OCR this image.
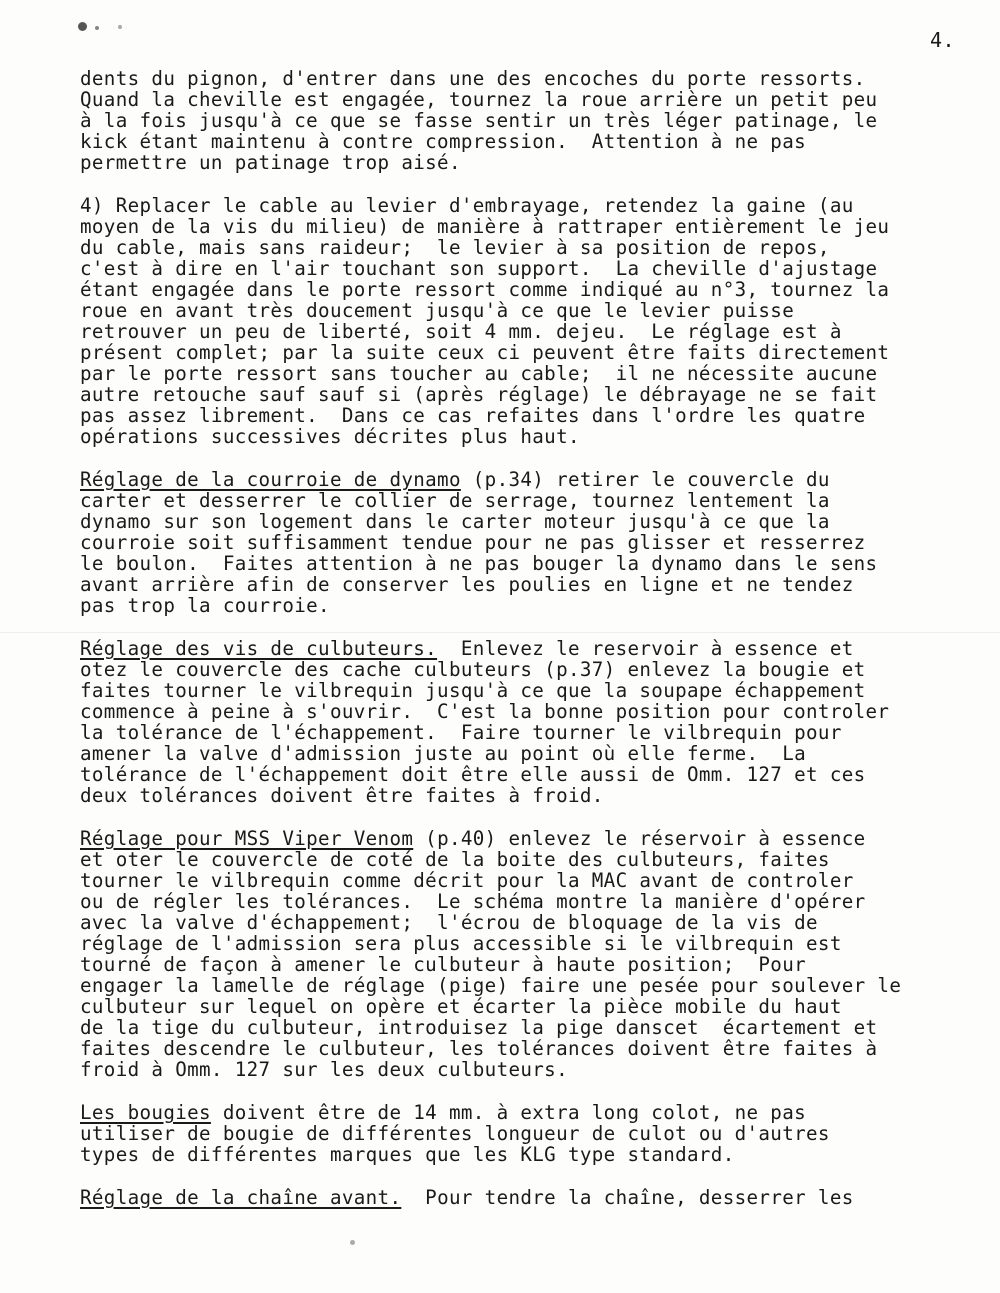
4.
dents du pignon, d'entrer dans une des encoches du porte ressorts.
Quand la cheville est engagée, tournez la roue arrière un petit peu
à la fois jusqu'à ce que se fasse sentir un très léger patinage, le
kick étant maintenu à contre compression.  Attention à ne pas
permettre un patinage trop aisé.
4) Replacer le cable au levier d'embrayage, retendez la gaine (au
moyen de la vis du milieu) de manière à rattraper entièrement le jeu
du cable, mais sans raideur;  le levier à sa position de repos,
c'est à dire en l'air touchant son support.  La cheville d'ajustage
étant engagée dans le porte ressort comme indiqué au n°3, tournez la
roue en avant très doucement jusqu'à ce que le levier puisse
retrouver un peu de liberté, soit 4 mm. dejeu.  Le réglage est à
présent complet; par la suite ceux ci peuvent être faits directement
par le porte ressort sans toucher au cable;  il ne nécessite aucune
autre retouche sauf sauf si (après réglage) le débrayage ne se fait
pas assez librement.  Dans ce cas refaites dans l'ordre les quatre
opérations successives décrites plus haut.
Réglage de la courroie de dynamo (p.34) retirer le couvercle du
carter et desserrer le collier de serrage, tournez lentement la
dynamo sur son logement dans le carter moteur jusqu'à ce que la
courroie soit suffisamment tendue pour ne pas glisser et resserrez
le boulon.  Faites attention à ne pas bouger la dynamo dans le sens
avant arrière afin de conserver les poulies en ligne et ne tendez
pas trop la courroie.
Réglage des vis de culbuteurs.  Enlevez le reservoir à essence et
otez le couvercle des cache culbuteurs (p.37) enlevez la bougie et
faites tourner le vilbrequin jusqu'à ce que la soupape échappement
commence à peine à s'ouvrir.  C'est la bonne position pour controler
la tolérance de l'échappement.  Faire tourner le vilbrequin pour
amener la valve d'admission juste au point où elle ferme.  La
tolérance de l'échappement doit être elle aussi de Omm. 127 et ces
deux tolérances doivent être faites à froid.
Réglage pour MSS Viper Venom (p.40) enlevez le réservoir à essence
et oter le couvercle de coté de la boite des culbuteurs, faites
tourner le vilbrequin comme décrit pour la MAC avant de controler
ou de régler les tolérances.  Le schéma montre la manière d'opérer
avec la valve d'échappement;  l'écrou de bloquage de la vis de
réglage de l'admission sera plus accessible si le vilbrequin est
tourné de façon à amener le culbuteur à haute position;  Pour
engager la lamelle de réglage (pige) faire une pesée pour soulever le
culbuteur sur lequel on opère et écarter la pièce mobile du haut
de la tige du culbuteur, introduisez la pige danscet  écartement et
faites descendre le culbuteur, les tolérances doivent être faites à
froid à Omm. 127 sur les deux culbuteurs.
Les bougies doivent être de 14 mm. à extra long colot, ne pas
utiliser de bougie de différentes longueur de culot ou d'autres
types de différentes marques que les KLG type standard.
Réglage de la chaîne avant.  Pour tendre la chaîne, desserrer les
